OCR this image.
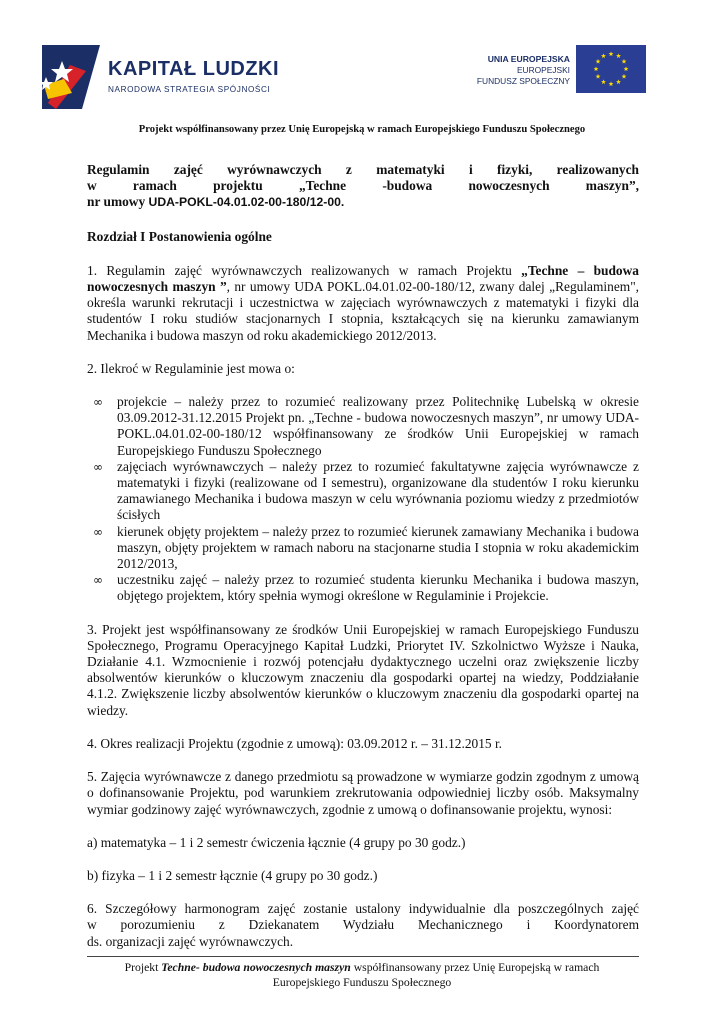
KAPITAŁ LUDZKI
NARODOWA STRATEGIA SPÓJNOŚCI
UNIA EUROPEJSKA
EUROPEJSKI
FUNDUSZ SPOŁECZNY
Projekt współfinansowany przez Unię Europejską w ramach Europejskiego Funduszu Społecznego

Regulamin zajęć wyrównawczych z matematyki i fizyki, realizowanych

w ramach projektu „Techne -budowa nowoczesnych maszyn”,

nr umowy UDA-POKL-04.01.02-00-180/12-00.

Rozdział I Postanowienia ogólne

1. Regulamin zajęć wyrównawczych realizowanych w ramach Projektu „Techne – budowa nowoczesnych maszyn ”, nr umowy UDA POKL.04.01.02-00-180/12, zwany dalej „Regulaminem", określa warunki rekrutacji i uczestnictwa w zajęciach wyrównawczych z matematyki i fizyki dla studentów I roku studiów stacjonarnych I stopnia, kształcących się na kierunku zamawianym Mechanika i budowa maszyn od roku akademickiego 2012/2013.

2. Ilekroć w Regulaminie jest mowa o:

∞ projekcie – należy przez to rozumieć realizowany przez Politechnikę Lubelską w okresie 03.09.2012-31.12.2015 Projekt pn. „Techne - budowa nowoczesnych maszyn”, nr umowy UDA-POKL.04.01.02-00-180/12 współfinansowany ze środków Unii Europejskiej w ramach Europejskiego Funduszu Społecznego
∞ zajęciach wyrównawczych – należy przez to rozumieć fakultatywne zajęcia wyrównawcze z matematyki i fizyki (realizowane od I semestru), organizowane dla studentów I roku kierunku zamawianego Mechanika i budowa maszyn w celu wyrównania poziomu wiedzy z przedmiotów ścisłych
∞ kierunek objęty projektem – należy przez to rozumieć kierunek zamawiany Mechanika i budowa maszyn, objęty projektem w ramach naboru na stacjonarne studia I stopnia w roku akademickim 2012/2013,
∞ uczestniku zajęć – należy przez to rozumieć studenta kierunku Mechanika i budowa maszyn, objętego projektem, który spełnia wymogi określone w Regulaminie i Projekcie.

3. Projekt jest współfinansowany ze środków Unii Europejskiej w ramach Europejskiego Funduszu Społecznego, Programu Operacyjnego Kapitał Ludzki, Priorytet IV. Szkolnictwo Wyższe i Nauka, Działanie 4.1. Wzmocnienie i rozwój potencjału dydaktycznego uczelni oraz zwiększenie liczby absolwentów kierunków o kluczowym znaczeniu dla gospodarki opartej na wiedzy, Poddziałanie 4.1.2. Zwiększenie liczby absolwentów kierunków o kluczowym znaczeniu dla gospodarki opartej na wiedzy.

4. Okres realizacji Projektu (zgodnie z umową): 03.09.2012 r. – 31.12.2015 r.

5. Zajęcia wyrównawcze z danego przedmiotu są prowadzone w wymiarze godzin zgodnym z umową o dofinansowanie Projektu, pod warunkiem zrekrutowania odpowiedniej liczby osób. Maksymalny wymiar godzinowy zajęć wyrównawczych, zgodnie z umową o dofinansowanie projektu, wynosi:

a) matematyka – 1 i 2 semestr ćwiczenia łącznie (4 grupy po 30 godz.)

b) fizyka – 1 i 2 semestr łącznie (4 grupy po 30 godz.)

6. Szczegółowy harmonogram zajęć zostanie ustalony indywidualnie dla poszczególnych zajęć

w porozumieniu z Dziekanatem Wydziału Mechanicznego i Koordynatorem

ds. organizacji zajęć wyrównawczych.

Projekt Techne- budowa nowoczesnych maszyn współfinansowany przez Unię Europejską w ramach
Europejskiego Funduszu Społecznego
